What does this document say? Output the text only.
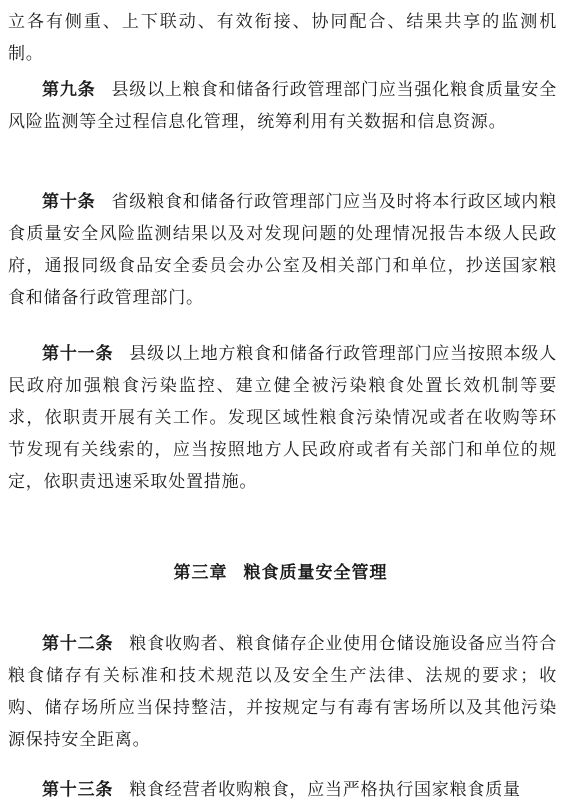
立各有侧重、上下联动、有效衔接、协同配合、结果共享的监测机制。

第九条 县级以上粮食和储备行政管理部门应当强化粮食质量安全风险监测等全过程信息化管理，统筹利用有关数据和信息资源。

第十条 省级粮食和储备行政管理部门应当及时将本行政区域内粮食质量安全风险监测结果以及对发现问题的处理情况报告本级人民政府，通报同级食品安全委员会办公室及相关部门和单位，抄送国家粮食和储备行政管理部门。

第十一条 县级以上地方粮食和储备行政管理部门应当按照本级人民政府加强粮食污染监控、建立健全被污染粮食处置长效机制等要求，依职责开展有关工作。发现区域性粮食污染情况或者在收购等环节发现有关线索的，应当按照地方人民政府或者有关部门和单位的规定，依职责迅速采取处置措施。

第三章 粮食质量安全管理

第十二条 粮食收购者、粮食储存企业使用仓储设施设备应当符合粮食储存有关标准和技术规范以及安全生产法律、法规的要求；收购、储存场所应当保持整洁，并按规定与有毒有害场所以及其他污染源保持安全距离。

第十三条 粮食经营者收购粮食，应当严格执行国家粮食质量
